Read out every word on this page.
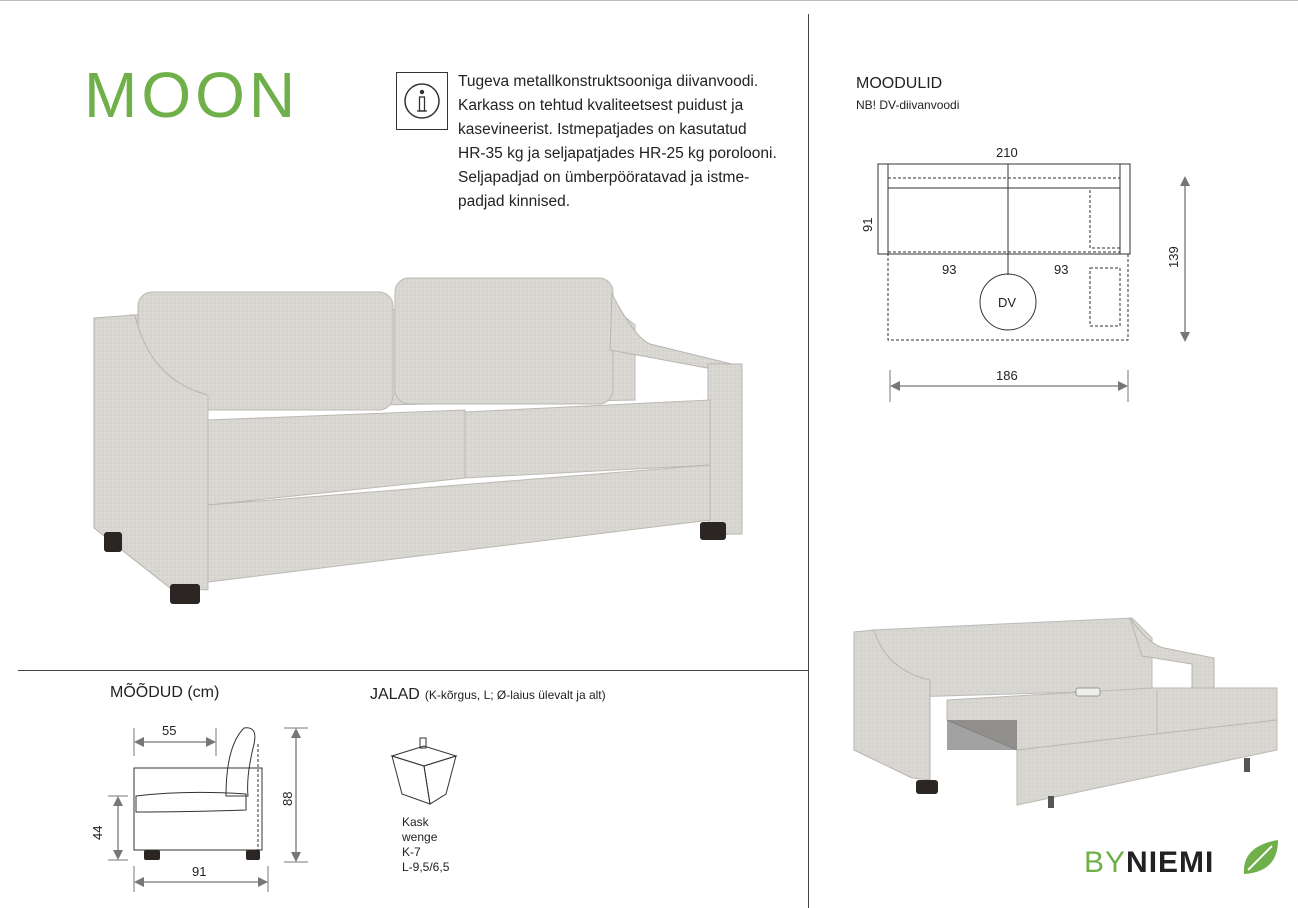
MOON	Tugeva metallkonstruktsooniga diivanvoodi.
Karkass on tehtud kvaliteetsest puidust ja
kasevineerist. Istmepatjades on kasutatud
HR-35 kg ja seljapatjades HR-25 kg porolooni.
Seljapadjad on ümberpööratavad ja istme-
padjad kinnised.
MOODULID
NB! DV-diivanvoodi
DV
210
91
93	93
139
186
MÕÕDUD (cm)
55
44
88
91
JALAD (K-kõrgus, L; Ø-laius ülevalt ja alt)
Kask
wenge
K-7
L-9,5/6,5	BYNIEMI
